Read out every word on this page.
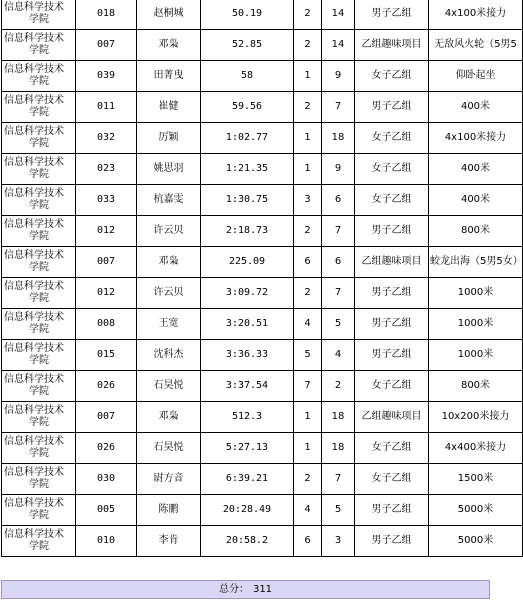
信息科学技术
学院	018	赵桐城	50.19	2	14	男子乙组	4x100米接力
信息科学技术
学院	007	邓枭	52.85	2	14	乙组趣味项目	无敌风火轮（5男5
信息科学技术
学院	039	田菁曳	58	1	9	女子乙组	仰卧起坐
信息科学技术
学院	011	崔健	59.56	2	7	男子乙组	400米
信息科学技术
学院	032	厉颖	1:02.77	1	18	女子乙组	4x100米接力
信息科学技术
学院	023	姚思羽	1:21.35	1	9	女子乙组	400米
信息科学技术
学院	033	杭嘉雯	1:30.75	3	6	女子乙组	400米
信息科学技术
学院	012	许云贝	2:18.73	2	7	男子乙组	800米
信息科学技术
学院	007	邓枭	225.09	6	6	乙组趣味项目	蛟龙出海（5男5女）
信息科学技术
学院	012	许云贝	3:09.72	2	7	男子乙组	1000米
信息科学技术
学院	008	王宽	3:20.51	4	5	男子乙组	1000米
信息科学技术
学院	015	沈科杰	3:36.33	5	4	男子乙组	1000米
信息科学技术
学院	026	石昊悦	3:37.54	7	2	女子乙组	800米
信息科学技术
学院	007	邓枭	512.3	1	18	乙组趣味项目	10x200米接力
信息科学技术
学院	026	石昊悦	5:27.13	1	18	女子乙组	4x400米接力
信息科学技术
学院	030	尉方音	6:39.21	2	7	女子乙组	1500米
信息科学技术
学院	005	陈鹏	20:28.49	4	5	男子乙组	5000米
信息科学技术
学院	010	李肯	20:58.2	6	3	男子乙组	5000米
总分： 311
